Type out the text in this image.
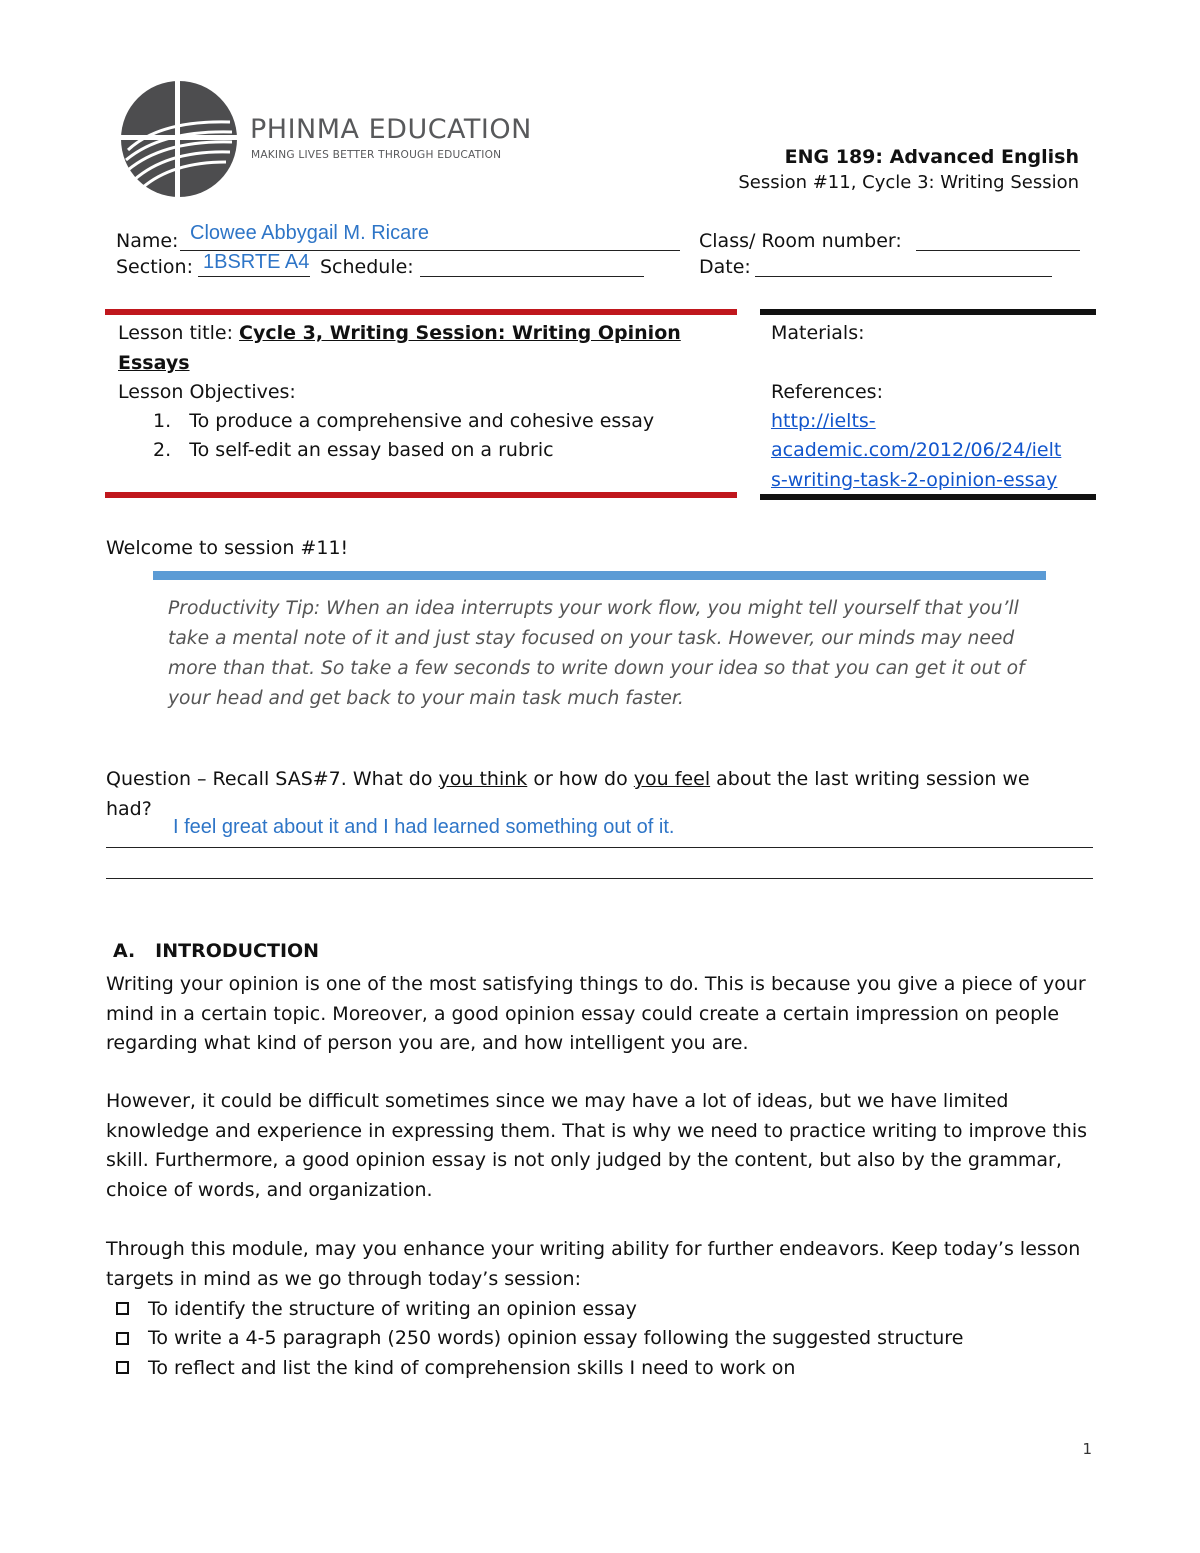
PHINMA EDUCATION
MAKING LIVES BETTER THROUGH EDUCATION	ENG 189: Advanced English
Session #11, Cycle 3: Writing Session
Name: Clowee Abbygail M. Ricare	Class/ Room number:
Section: 1BSRTE A4 Schedule:	Date:
Lesson title: Cycle 3, Writing Session: Writing Opinion
Essays
Lesson Objectives:
1.   To produce a comprehensive and cohesive essay
2.   To self-edit an essay based on a rubric
Materials:
References:
http://ielts-
academic.com/2012/06/24/ielt
s-writing-task-2-opinion-essay
Welcome to session #11!
Productivity Tip: When an idea interrupts your work flow, you might tell yourself that you’ll take a mental note of it and just stay focused on your task. However, our minds may need more than that. So take a few seconds to write down your idea so that you can get it out of your head and get back to your main task much faster.
Question – Recall SAS#7. What do you think or how do you feel about the last writing session we
had?
I feel great about it and I had learned something out of it.
A. INTRODUCTION
Writing your opinion is one of the most satisfying things to do. This is because you give a piece of your mind in a certain topic. Moreover, a good opinion essay could create a certain impression on people regarding what kind of person you are, and how intelligent you are.
However, it could be difficult sometimes since we may have a lot of ideas, but we have limited knowledge and experience in expressing them. That is why we need to practice writing to improve this skill. Furthermore, a good opinion essay is not only judged by the content, but also by the grammar, choice of words, and organization.
Through this module, may you enhance your writing ability for further endeavors. Keep today’s lesson targets in mind as we go through today’s session:
To identify the structure of writing an opinion essay
To write a 4-5 paragraph (250 words) opinion essay following the suggested structure
To reflect and list the kind of comprehension skills I need to work on
1
